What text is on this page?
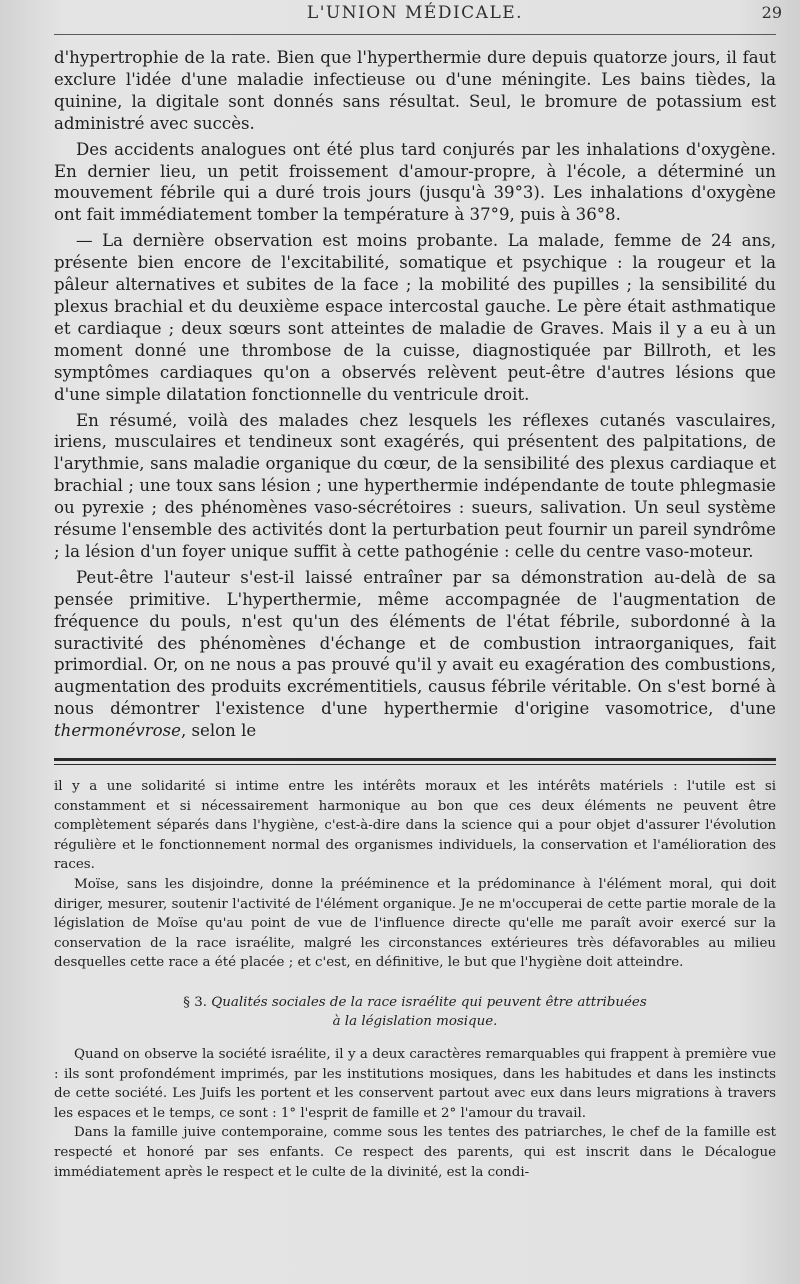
L'UNION MÉDICALE.	29

d'hypertrophie de la rate. Bien que l'hyperthermie dure depuis quatorze jours, il faut exclure l'idée d'une maladie infectieuse ou d'une méningite. Les bains tièdes, la quinine, la digitale sont donnés sans résultat. Seul, le bromure de potassium est administré avec succès.

Des accidents analogues ont été plus tard conjurés par les inhalations d'oxygène. En dernier lieu, un petit froissement d'amour-propre, à l'école, a déterminé un mouvement fébrile qui a duré trois jours (jusqu'à 39°3). Les inhalations d'oxygène ont fait immédiatement tomber la température à 37°9, puis à 36°8.

— La dernière observation est moins probante. La malade, femme de 24 ans, présente bien encore de l'excitabilité, somatique et psychique : la rougeur et la pâleur alternatives et subites de la face ; la mobilité des pupilles ; la sensibilité du plexus brachial et du deuxième espace intercostal gauche. Le père était asthmatique et cardiaque ; deux sœurs sont atteintes de maladie de Graves. Mais il y a eu à un moment donné une thrombose de la cuisse, diagnostiquée par Billroth, et les symptômes cardiaques qu'on a observés relèvent peut-être d'autres lésions que d'une simple dilatation fonctionnelle du ventricule droit.

En résumé, voilà des malades chez lesquels les réflexes cutanés vasculaires, iriens, musculaires et tendineux sont exagérés, qui présentent des palpitations, de l'arythmie, sans maladie organique du cœur, de la sensibilité des plexus cardiaque et brachial ; une toux sans lésion ; une hyperthermie indépendante de toute phlegmasie ou pyrexie ; des phénomènes vaso-sécrétoires : sueurs, salivation. Un seul système résume l'ensemble des activités dont la perturbation peut fournir un pareil syndrôme ; la lésion d'un foyer unique suffit à cette pathogénie : celle du centre vaso-moteur.

Peut-être l'auteur s'est-il laissé entraîner par sa démonstration au-delà de sa pensée primitive. L'hyperthermie, même accompagnée de l'augmentation de fréquence du pouls, n'est qu'un des éléments de l'état fébrile, subordonné à la suractivité des phénomènes d'échange et de combustion intraorganiques, fait primordial. Or, on ne nous a pas prouvé qu'il y avait eu exagération des combustions, augmentation des produits excrémentitiels, causus fébrile véritable. On s'est borné à nous démontrer l'existence d'une hyperthermie d'origine vasomotrice, d'une thermonévrose, selon le

il y a une solidarité si intime entre les intérêts moraux et les intérêts matériels : l'utile est si constamment et si nécessairement harmonique au bon que ces deux éléments ne peuvent être complètement séparés dans l'hygiène, c'est-à-dire dans la science qui a pour objet d'assurer l'évolution régulière et le fonctionnement normal des organismes individuels, la conservation et l'amélioration des races.

Moïse, sans les disjoindre, donne la prééminence et la prédominance à l'élément moral, qui doit diriger, mesurer, soutenir l'activité de l'élément organique. Je ne m'occuperai de cette partie morale de la législation de Moïse qu'au point de vue de l'influence directe qu'elle me paraît avoir exercé sur la conservation de la race israélite, malgré les circonstances extérieures très défavorables au milieu desquelles cette race a été placée ; et c'est, en définitive, le but que l'hygiène doit atteindre.

§ 3. Qualités sociales de la race israélite qui peuvent être attribuées
à la législation mosique.

Quand on observe la société israélite, il y a deux caractères remarquables qui frappent à première vue : ils sont profondément imprimés, par les institutions mosiques, dans les habitudes et dans les instincts de cette société. Les Juifs les portent et les conservent partout avec eux dans leurs migrations à travers les espaces et le temps, ce sont : 1° l'esprit de famille et 2° l'amour du travail.

Dans la famille juive contemporaine, comme sous les tentes des patriarches, le chef de la famille est respecté et honoré par ses enfants. Ce respect des parents, qui est inscrit dans le Décalogue immédiatement après le respect et le culte de la divinité, est la condi-
